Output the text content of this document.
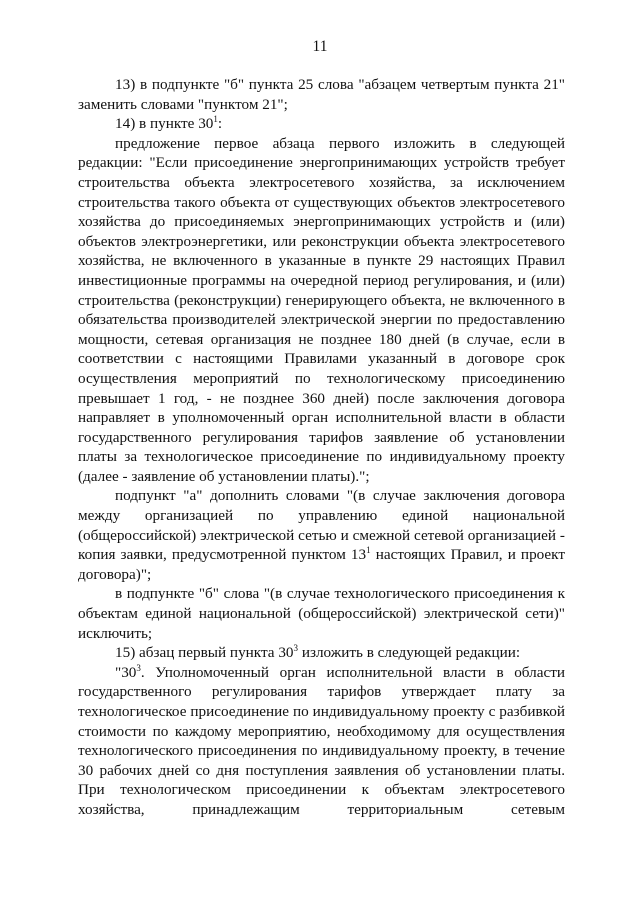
11

13) в подпункте "б" пункта 25 слова "абзацем четвертым пункта 21" заменить словами "пунктом 21";

14) в пункте $30^1$:

предложение первое абзаца первого изложить в следующей редакции: "Если присоединение энергопринимающих устройств требует строительства объекта электросетевого хозяйства, за исключением строительства такого объекта от существующих объектов электросетевого хозяйства до присоединяемых энергопринимающих устройств и (или) объектов электроэнергетики, или реконструкции объекта электросетевого хозяйства, не включенного в указанные в пункте 29 настоящих Правил инвестиционные программы на очередной период регулирования, и (или) строительства (реконструкции) генерирующего объекта, не включенного в обязательства производителей электрической энергии по предоставлению мощности, сетевая организация не позднее 180 дней (в случае, если в соответствии с настоящими Правилами указанный в договоре срок осуществления мероприятий по технологическому присоединению превышает 1 год, - не позднее 360 дней) после заключения договора направляет в уполномоченный орган исполнительной власти в области государственного регулирования тарифов заявление об установлении платы за технологическое присоединение по индивидуальному проекту (далее - заявление об установлении платы).";

подпункт "а" дополнить словами "(в случае заключения договора между организацией по управлению единой национальной (общероссийской) электрической сетью и смежной сетевой организацией - копия заявки, предусмотренной пунктом $13^1$ настоящих Правил, и проект договора)";

в подпункте "б" слова "(в случае технологического присоединения к объектам единой национальной (общероссийской) электрической сети)" исключить;

15) абзац первый пункта $30^3$ изложить в следующей редакции:

"$30^3$. Уполномоченный орган исполнительной власти в области государственного регулирования тарифов утверждает плату за технологическое присоединение по индивидуальному проекту с разбивкой стоимости по каждому мероприятию, необходимому для осуществления технологического присоединения по индивидуальному проекту, в течение 30 рабочих дней со дня поступления заявления об установлении платы. При технологическом присоединении к объектам электросетевого хозяйства, принадлежащим территориальным сетевым
